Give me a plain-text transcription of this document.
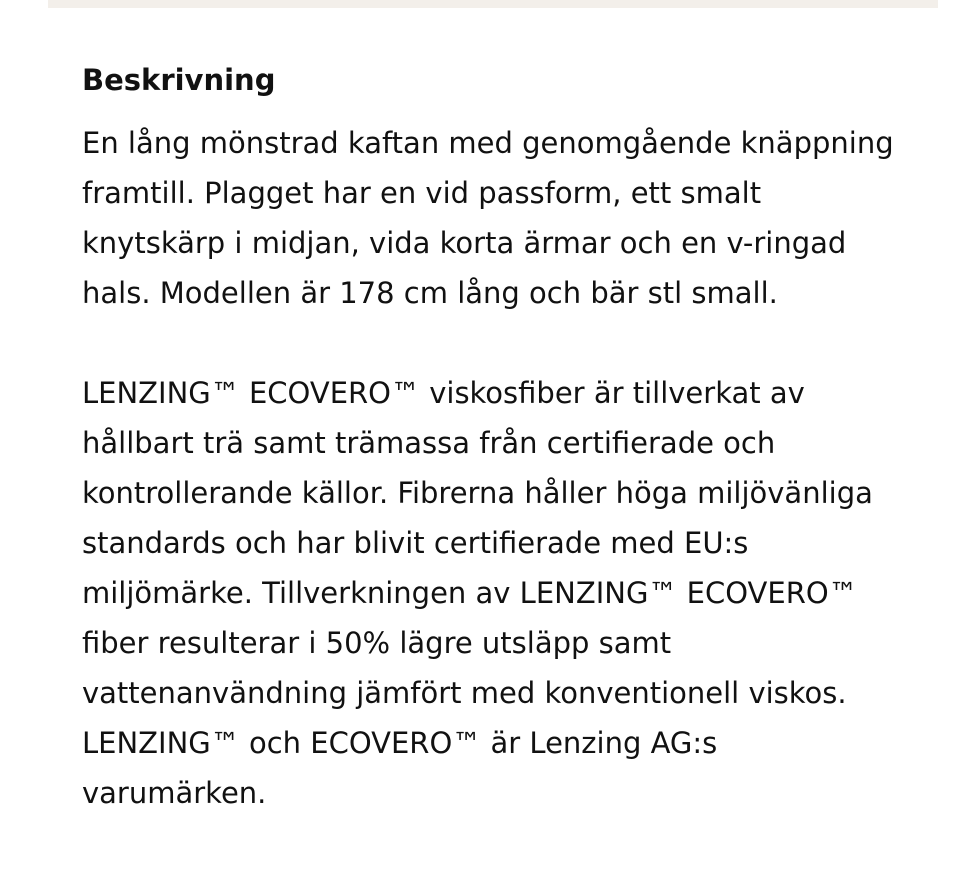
Beskrivning

En lång mönstrad kaftan med genomgående knäppning framtill. Plagget har en vid passform, ett smalt knytskärp i midjan, vida korta ärmar och en v-ringad hals. Modellen är 178 cm lång och bär stl small.

LENZING™ ECOVERO™ viskosfiber är tillverkat av hållbart trä samt trämassa från certifierade och kontrollerande källor. Fibrerna håller höga miljövänliga standards och har blivit certifierade med EU:s miljömärke. Tillverkningen av LENZING™ ECOVERO™ fiber resulterar i 50% lägre utsläpp samt vattenanvändning jämfört med konventionell viskos. LENZING™ och ECOVERO™ är Lenzing AG:s varumärken.
